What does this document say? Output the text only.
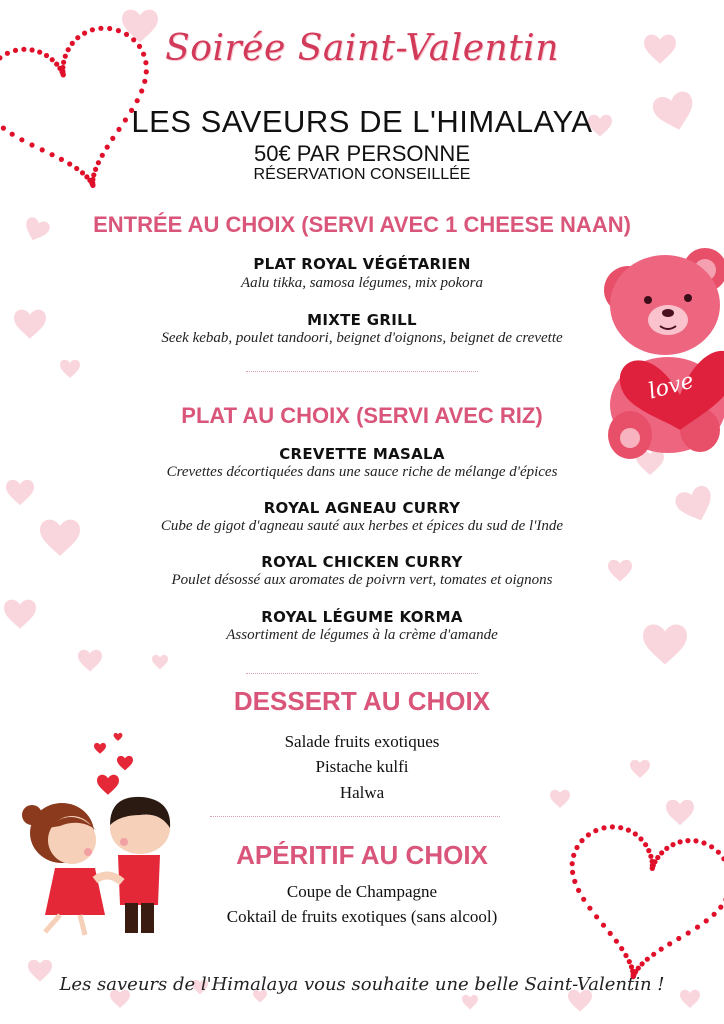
love
Soirée Saint-Valentin
LES SAVEURS DE L'HIMALAYA
50€ PAR PERSONNE
RÉSERVATION CONSEILLÉE
ENTRÉE AU CHOIX (SERVI AVEC 1 CHEESE NAAN)
PLAT ROYAL VÉGÉTARIEN
Aalu tikka, samosa légumes, mix pokora
MIXTE GRILL
Seek kebab, poulet tandoori, beignet d'oignons, beignet de crevette
PLAT AU CHOIX (SERVI AVEC RIZ)
CREVETTE MASALA
Crevettes décortiquées dans une sauce riche de mélange d'épices
ROYAL AGNEAU CURRY
Cube de gigot d'agneau sauté aux herbes et épices du sud de l'Inde
ROYAL CHICKEN CURRY
Poulet désossé aux aromates de poivrn vert, tomates et oignons
ROYAL LÉGUME KORMA
Assortiment de légumes à la crème d'amande
DESSERT AU CHOIX
Salade fruits exotiques
Pistache kulfi
Halwa
APÉRITIF AU CHOIX
Coupe de Champagne
Coktail de fruits exotiques (sans alcool)
Les saveurs de l'Himalaya vous souhaite une belle Saint-Valentin !
